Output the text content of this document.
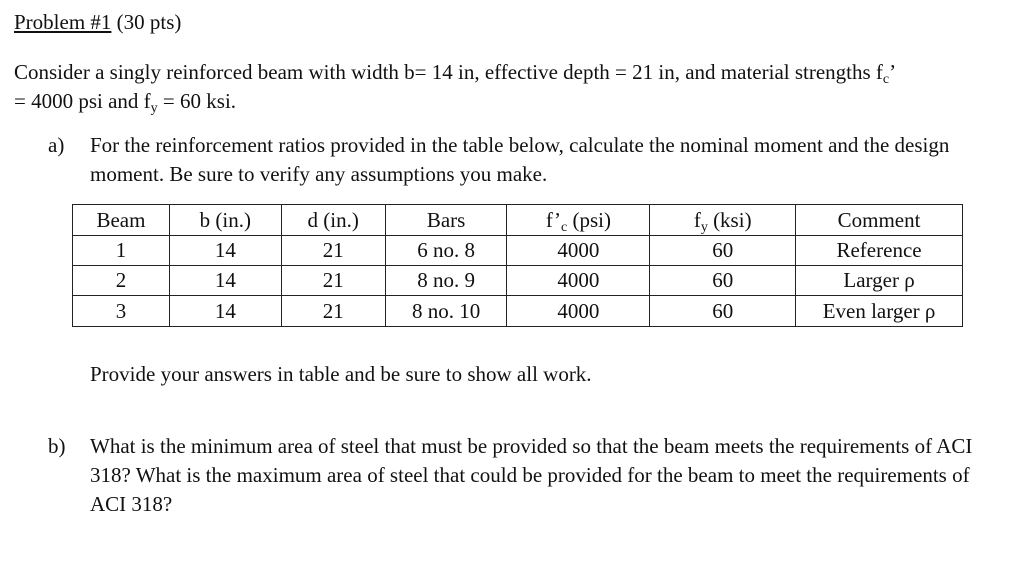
Problem #1 (30 pts)
Consider a singly reinforced beam with width b= 14 in, effective depth = 21 in, and material strengths $f_c$’
= 4000 psi and $f_y = 60$ ksi.
a) For the reinforcement ratios provided in the table below, calculate the nominal moment and the design moment. Be sure to verify any assumptions you make.
Beam	b (in.)	d (in.)	Bars	$f’_c$ (psi)	$f_y$ (ksi)	Comment
1	14	21	6 no. 8	4000	60	Reference
2	14	21	8 no. 9	4000	60	Larger ρ
3	14	21	8 no. 10	4000	60	Even larger ρ
Provide your answers in table and be sure to show all work.
b) What is the minimum area of steel that must be provided so that the beam meets the requirements of ACI 318? What is the maximum area of steel that could be provided for the beam to meet the requirements of ACI 318?
